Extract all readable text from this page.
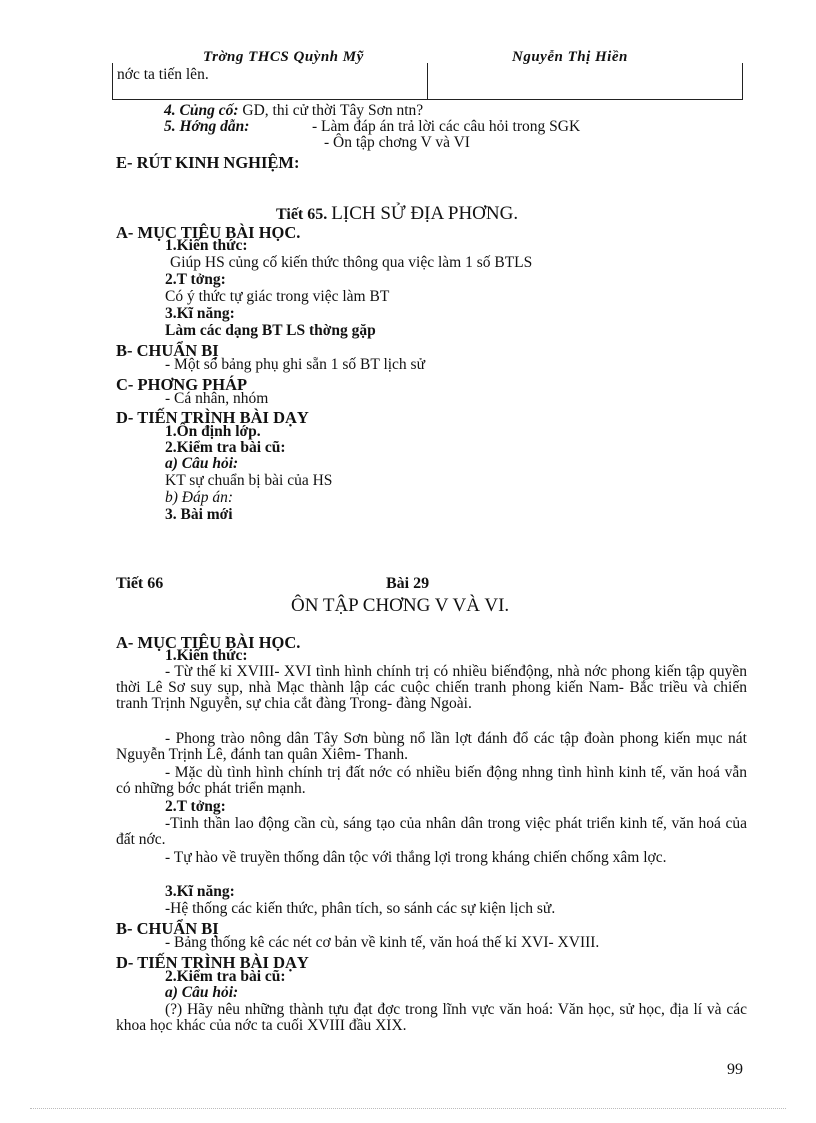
Trờng THCS Quỳnh Mỹ	Nguyễn Thị Hiền
nớc ta tiến lên.
4. Củng cố: GD, thi cử thời Tây Sơn ntn?
5. Hớng dẫn:	- Làm đáp án trả lời các câu hỏi trong SGK
- Ôn tập chơng V và VI
E- RÚT KINH NGHIỆM:
Tiết 65. LỊCH SỬ ĐỊA PHƠNG.
A- MỤC TIÊU BÀI HỌC.
1.Kiến thức:
Giúp HS củng cố kiến thức thông qua việc làm 1 số BTLS
2.T tởng:
Có ý thức tự giác trong việc làm BT
3.Kĩ năng:
Làm các dạng BT LS thờng gặp
B- CHUẨN BỊ
- Một số bảng phụ ghi sẵn 1 số BT lịch sử
C- PHƠNG PHÁP
- Cá nhân, nhóm
D- TIẾN TRÌNH BÀI DẠY
1.Ổn định lớp.
2.Kiểm tra bài cũ:
a) Câu hỏi:
KT sự chuẩn bị bài của HS
b) Đáp án:
3. Bài mới
Tiết 66	Bài 29
ÔN TẬP CHƠNG V VÀ VI.
A- MỤC TIÊU BÀI HỌC.
1.Kiến thức:
- Từ thế kỉ XVIII- XVI tình hình chính trị có nhiều biếnđộng, nhà nớc phong kiến tập quyền thời Lê Sơ suy sụp, nhà Mạc thành lập các cuộc chiến tranh phong kiến Nam- Bắc triều và chiến tranh Trịnh Nguyễn, sự chia cắt đàng Trong- đàng Ngoài.
- Phong trào nông dân Tây Sơn bùng nổ lần lợt đánh đổ các tập đoàn phong kiến mục nát Nguyễn Trịnh Lê, đánh tan quân Xiêm- Thanh.
- Mặc dù tình hình chính trị đất nớc có nhiều biến động nhng tình hình kinh tế, văn hoá vẫn có những bớc phát triển mạnh.
2.T tởng:
-Tinh thần lao động cần cù, sáng tạo của nhân dân trong việc phát triển kinh tế, văn hoá của đất nớc.
- Tự hào về truyền thống dân tộc với thắng lợi trong kháng chiến chống xâm lợc.
3.Kĩ năng:
-Hệ thống các kiến thức, phân tích, so sánh các sự kiện lịch sử.
B- CHUẨN BỊ
- Bảng thống kê các nét cơ bản về kinh tế, văn hoá thế kỉ XVI- XVIII.
D- TIẾN TRÌNH BÀI DẠY
2.Kiểm tra bài cũ:
a) Câu hỏi:
(?) Hãy nêu những thành tựu đạt đợc trong lĩnh vực văn hoá: Văn học, sử học, địa lí và các khoa học khác của nớc ta cuối XVIII đầu XIX.
99
